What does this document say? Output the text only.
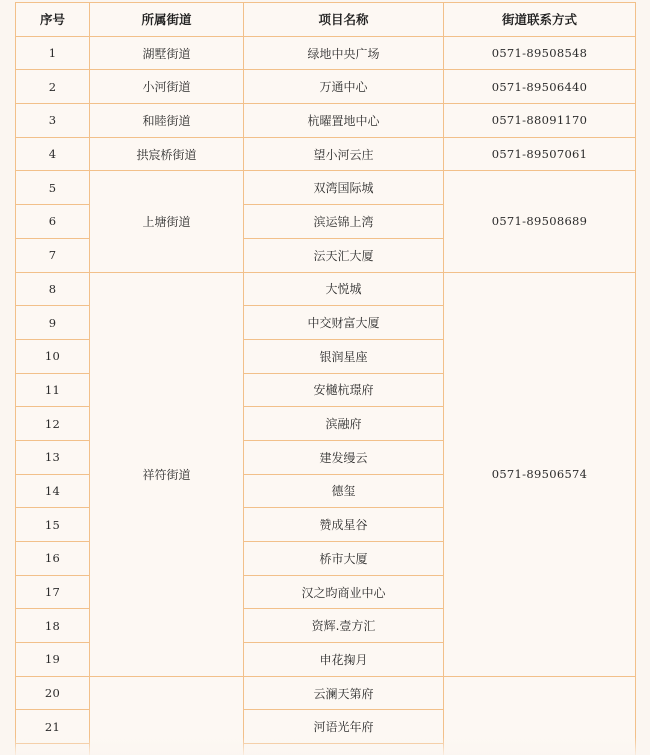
序号	所属街道	项目名称	街道联系方式
1	湖墅街道	绿地中央广场	0571-89508548
2	小河街道	万通中心	0571-89506440
3	和睦街道	杭曜置地中心	0571-88091170
4	拱宸桥街道	望小河云庄	0571-89507061
5	上塘街道	双湾国际城	0571-89508689
6		滨运锦上湾	
7		沄天汇大厦	
8	祥符街道	大悦城	0571-89506574
9		中交财富大厦	
10		银润星座	
11		安樾杭璟府	
12		滨融府	
13		建发缦云	
14		德玺	
15		赞成星谷	
16		桥市大厦	
17		汉之昀商业中心	
18		资辉.壹方汇	
19		申花掬月	
20		云澜天第府	
21		河语光年府	
